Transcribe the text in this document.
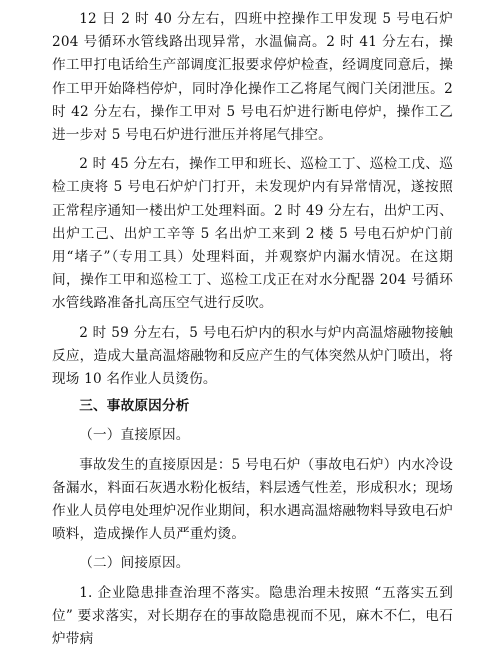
12 日 2 时 40 分左右，四班中控操作工甲发现 5 号电石炉 204 号循环水管线路出现异常，水温偏高。2 时 41 分左右，操作工甲打电话给生产部调度汇报要求停炉检查，经调度同意后，操作工甲开始降档停炉，同时净化操作工乙将尾气阀门关闭泄压。2 时 42 分左右，操作工甲对 5 号电石炉进行断电停炉，操作工乙进一步对 5 号电石炉进行泄压并将尾气排空。

2 时 45 分左右，操作工甲和班长、巡检工丁、巡检工戊、巡检工庚将 5 号电石炉炉门打开，未发现炉内有异常情况，遂按照正常程序通知一楼出炉工处理料面。2 时 49 分左右，出炉工丙、出炉工己、出炉工辛等 5 名出炉工来到 2 楼 5 号电石炉炉门前用“堵子”（专用工具）处理料面，并观察炉内漏水情况。在这期间，操作工甲和巡检工丁、巡检工戊正在对水分配器 204 号循环水管线路准备扎高压空气进行反吹。

2 时 59 分左右，5 号电石炉内的积水与炉内高温熔融物接触反应，造成大量高温熔融物和反应产生的气体突然从炉门喷出，将现场 10 名作业人员烫伤。

三、事故原因分析
（一）直接原因。

事故发生的直接原因是：5 号电石炉（事故电石炉）内水冷设备漏水，料面石灰遇水粉化板结，料层透气性差，形成积水；现场作业人员停电处理炉况作业期间，积水遇高温熔融物料导致电石炉喷料，造成操作人员严重灼烫。

（二）间接原因。

1. 企业隐患排查治理不落实。隐患治理未按照 “五落实五到位” 要求落实，对长期存在的事故隐患视而不见，麻木不仁，电石炉带病
